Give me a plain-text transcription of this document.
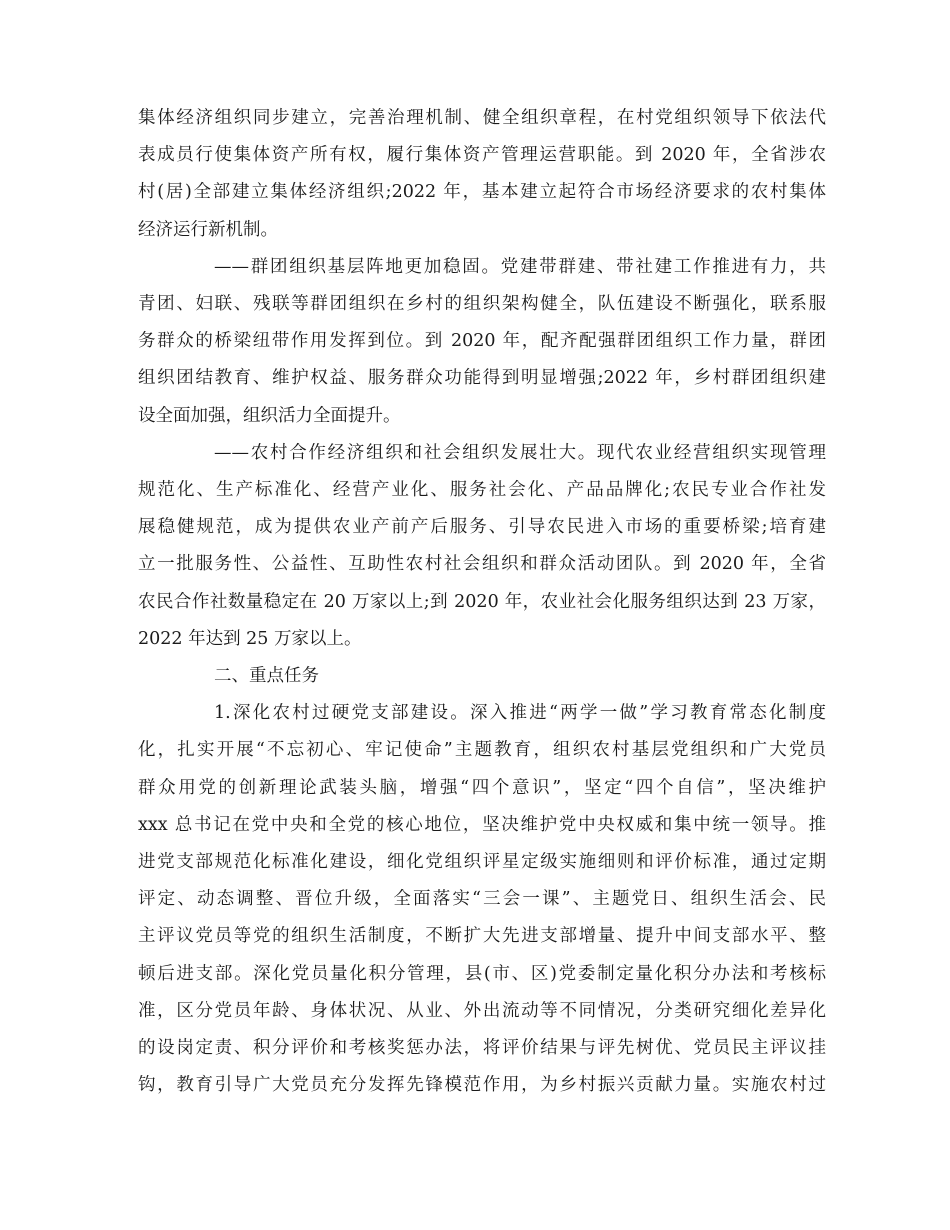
集体经济组织同步建立，完善治理机制、健全组织章程，在村党组织领导下依法代
表成员行使集体资产所有权，履行集体资产管理运营职能。到 2020 年，全省涉农
村(居)全部建立集体经济组织;2022 年，基本建立起符合市场经济要求的农村集体
经济运行新机制。
——群团组织基层阵地更加稳固。党建带群建、带社建工作推进有力，共
青团、妇联、残联等群团组织在乡村的组织架构健全，队伍建设不断强化，联系服
务群众的桥梁纽带作用发挥到位。到 2020 年，配齐配强群团组织工作力量，群团
组织团结教育、维护权益、服务群众功能得到明显增强;2022 年，乡村群团组织建
设全面加强，组织活力全面提升。
——农村合作经济组织和社会组织发展壮大。现代农业经营组织实现管理
规范化、生产标准化、经营产业化、服务社会化、产品品牌化;农民专业合作社发
展稳健规范，成为提供农业产前产后服务、引导农民进入市场的重要桥梁;培育建
立一批服务性、公益性、互助性农村社会组织和群众活动团队。到 2020 年，全省
农民合作社数量稳定在 20 万家以上;到 2020 年，农业社会化服务组织达到 23 万家，
2022 年达到 25 万家以上。
二、重点任务
1.深化农村过硬党支部建设。深入推进“两学一做”学习教育常态化制度
化，扎实开展“不忘初心、牢记使命”主题教育，组织农村基层党组织和广大党员
群众用党的创新理论武装头脑，增强“四个意识”，坚定“四个自信”，坚决维护
xxx 总书记在党中央和全党的核心地位，坚决维护党中央权威和集中统一领导。推
进党支部规范化标准化建设，细化党组织评星定级实施细则和评价标准，通过定期
评定、动态调整、晋位升级，全面落实“三会一课”、主题党日、组织生活会、民
主评议党员等党的组织生活制度，不断扩大先进支部增量、提升中间支部水平、整
顿后进支部。深化党员量化积分管理，县(市、区)党委制定量化积分办法和考核标
准，区分党员年龄、身体状况、从业、外出流动等不同情况，分类研究细化差异化
的设岗定责、积分评价和考核奖惩办法，将评价结果与评先树优、党员民主评议挂
钩，教育引导广大党员充分发挥先锋模范作用，为乡村振兴贡献力量。实施农村过
